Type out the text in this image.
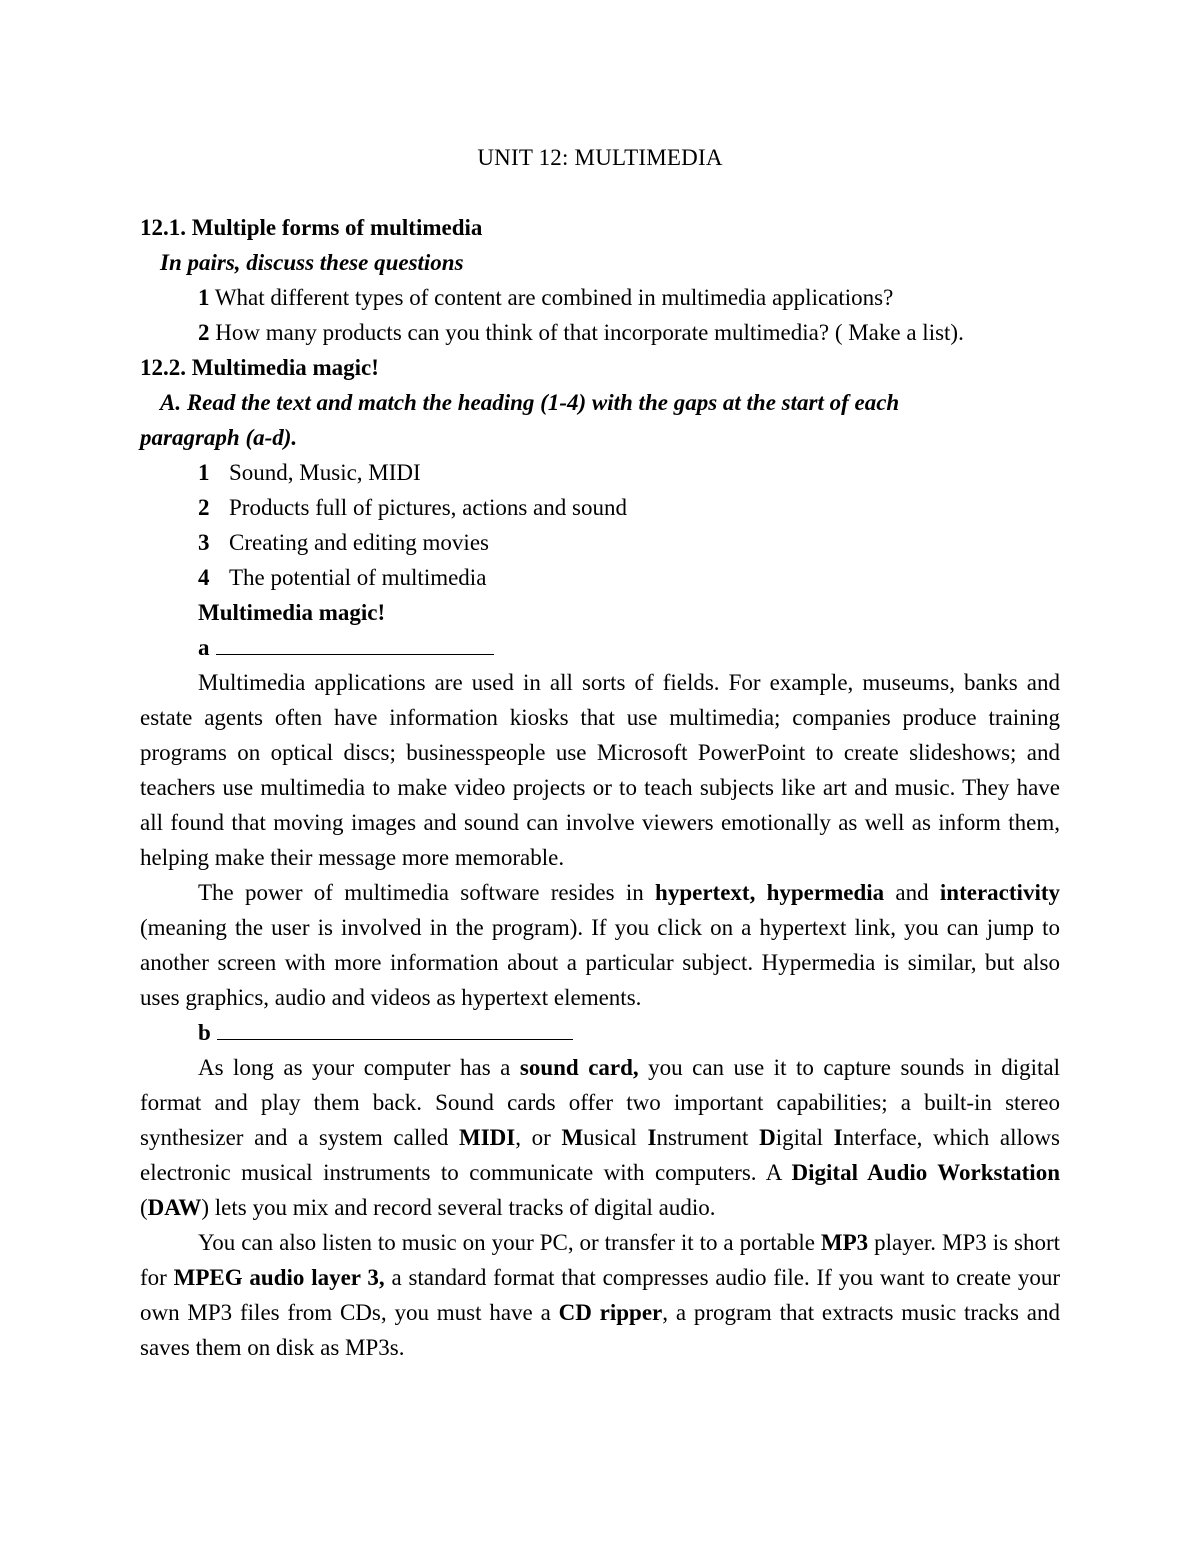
UNIT 12: MULTIMEDIA

12.1. Multiple forms of multimedia

In pairs, discuss these questions

1 What different types of content are combined in multimedia applications?

2 How many products can you think of that incorporate multimedia? ( Make a list).

12.2. Multimedia magic!

A. Read the text and match the heading (1-4) with the gaps at the start of each

paragraph (a-d).

1 Sound, Music, MIDI

2 Products full of pictures, actions and sound

3 Creating and editing movies

4 The potential of multimedia

Multimedia magic!

a

Multimedia applications are used in all sorts of fields. For example, museums, banks and estate agents often have information kiosks that use multimedia; companies produce training programs on optical discs; businesspeople use Microsoft PowerPoint to create slideshows; and teachers use multimedia to make video projects or to teach subjects like art and music. They have all found that moving images and sound can involve viewers emotionally as well as inform them, helping make their message more memorable.

The power of multimedia software resides in hypertext, hypermedia and interactivity (meaning the user is involved in the program). If you click on a hypertext link, you can jump to another screen with more information about a particular subject. Hypermedia is similar, but also uses graphics, audio and videos as hypertext elements.

b

As long as your computer has a sound card, you can use it to capture sounds in digital format and play them back. Sound cards offer two important capabilities; a built-in stereo synthesizer and a system called MIDI, or Musical Instrument Digital Interface, which allows electronic musical instruments to communicate with computers. A Digital Audio Workstation (DAW) lets you mix and record several tracks of digital audio.

You can also listen to music on your PC, or transfer it to a portable MP3 player. MP3 is short for MPEG audio layer 3, a standard format that compresses audio file. If you want to create your own MP3 files from CDs, you must have a CD ripper, a program that extracts music tracks and saves them on disk as MP3s.
